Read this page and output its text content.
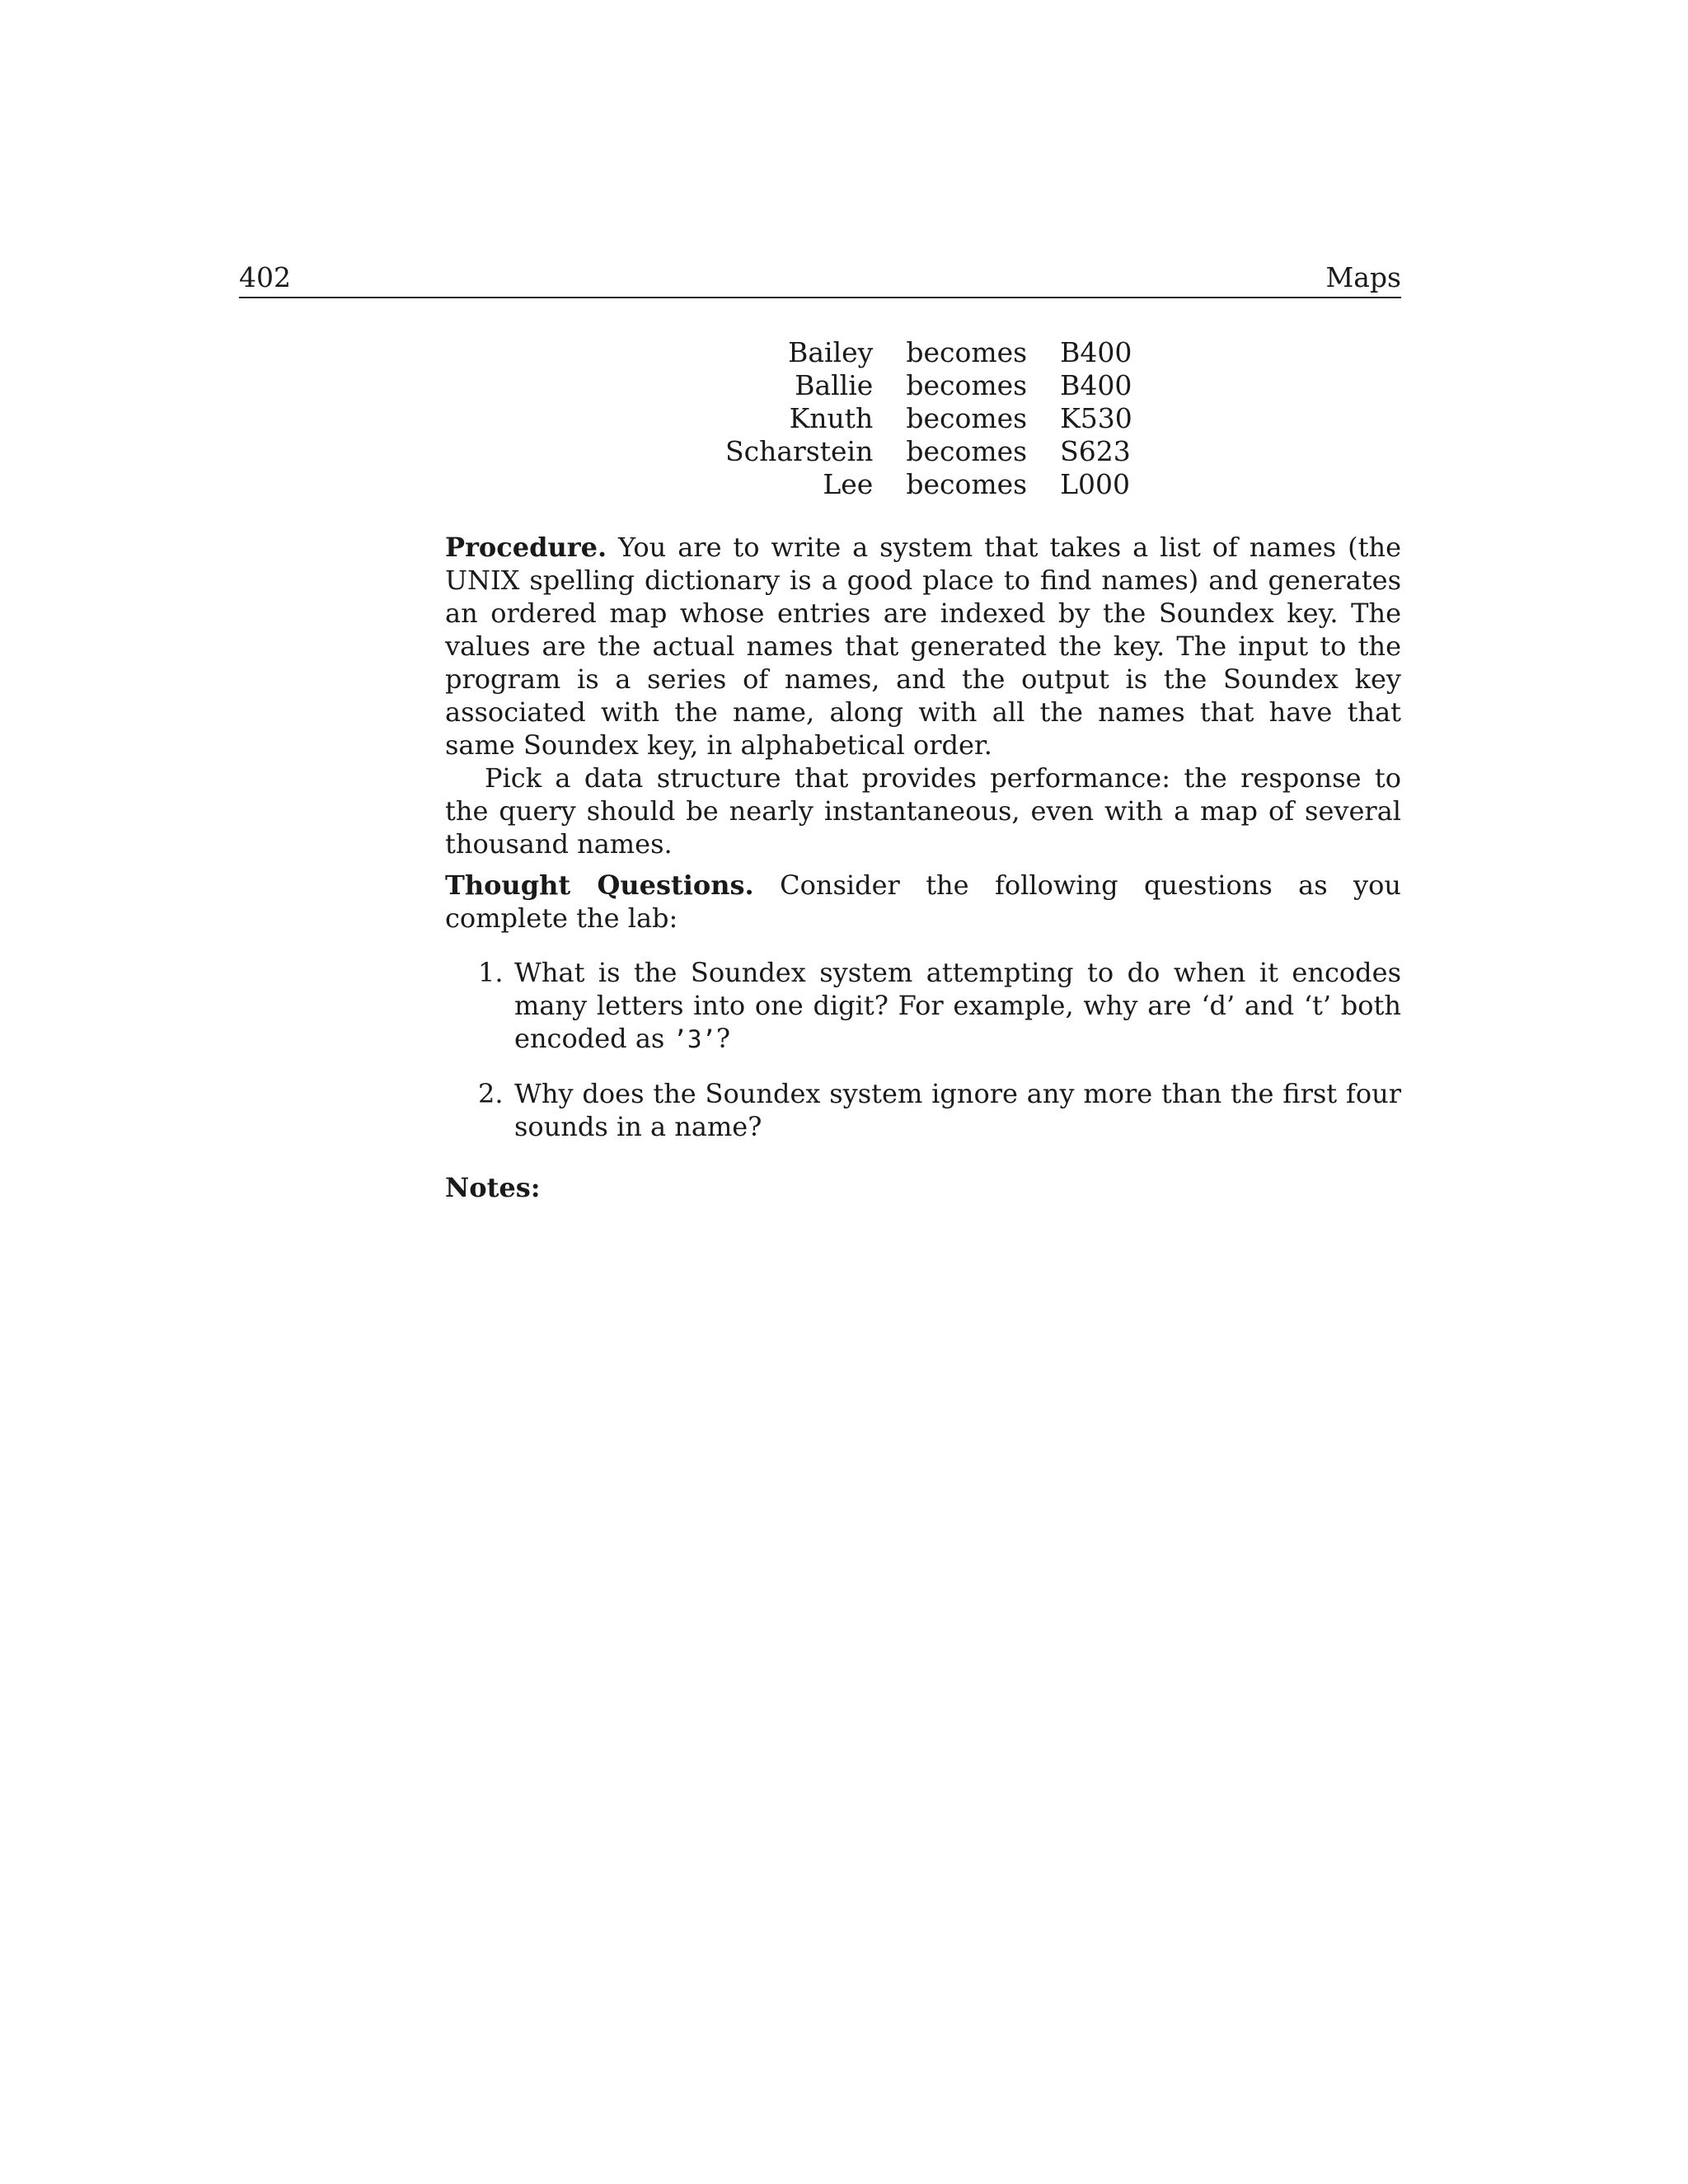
402	Maps
Bailey	becomes	B400
Ballie	becomes	B400
Knuth	becomes	K530
Scharstein	becomes	S623
Lee	becomes	L000

Procedure. You are to write a system that takes a list of names (the UNIX spelling dictionary is a good place to find names) and generates an ordered map whose entries are indexed by the Soundex key. The values are the actual names that generated the key. The input to the program is a series of names, and the output is the Soundex key associated with the name, along with all the names that have that same Soundex key, in alphabetical order.

Pick a data structure that provides performance: the response to the query should be nearly instantaneous, even with a map of several thousand names.

Thought Questions. Consider the following questions as you complete the lab:

1. What is the Soundex system attempting to do when it encodes many letters into one digit? For example, why are ‘d’ and ‘t’ both encoded as ’3’?
2. Why does the Soundex system ignore any more than the first four sounds in a name?

Notes:
